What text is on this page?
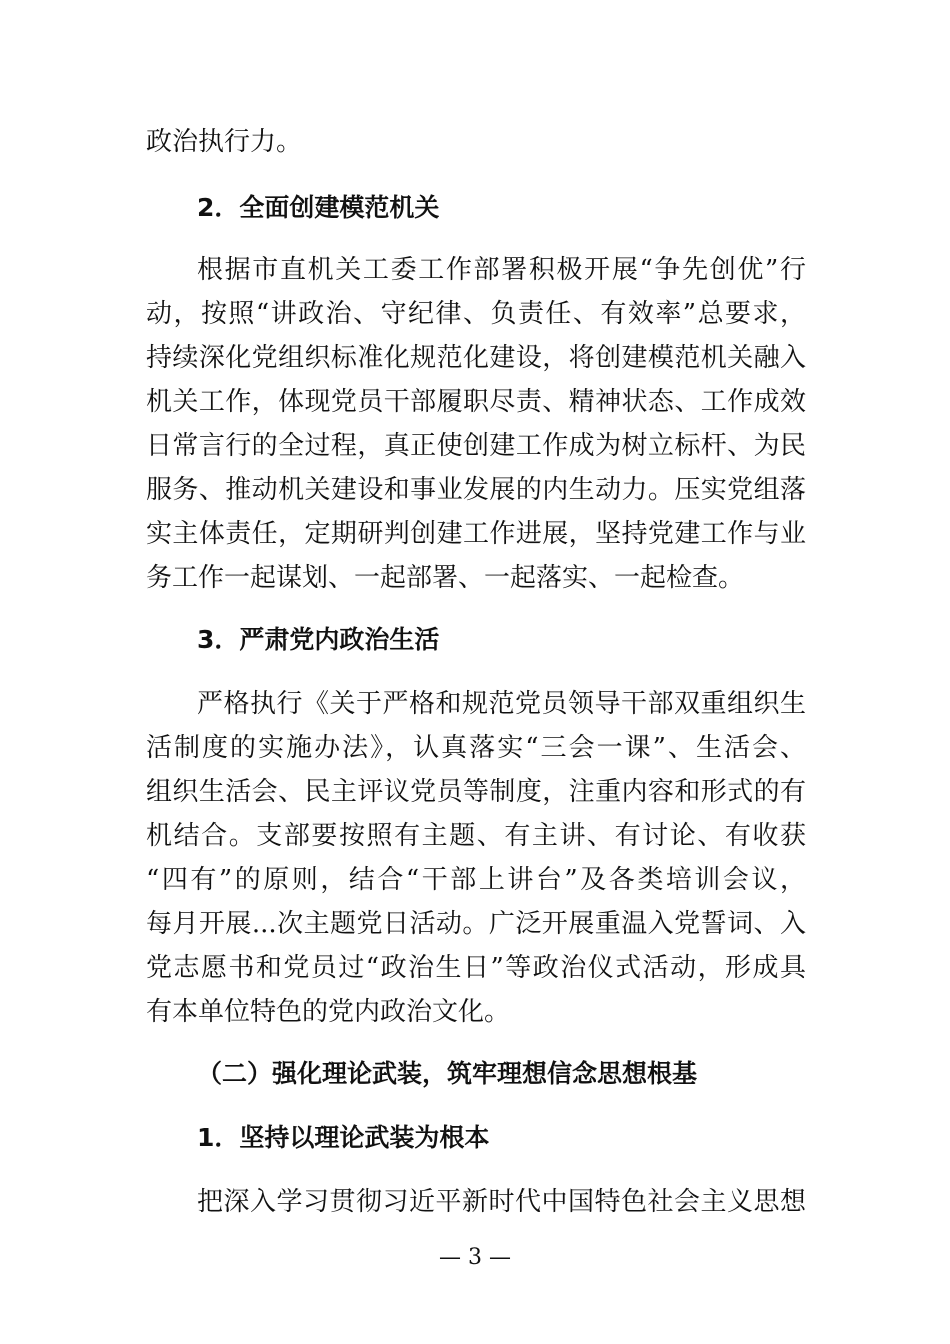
政治执行力。
2．全面创建模范机关
根据市直机关工委工作部署积极开展“争先创优”行
动，按照“讲政治、守纪律、负责任、有效率”总要求，
持续深化党组织标准化规范化建设，将创建模范机关融入
机关工作，体现党员干部履职尽责、精神状态、工作成效
日常言行的全过程，真正使创建工作成为树立标杆、为民
服务、推动机关建设和事业发展的内生动力。压实党组落
实主体责任，定期研判创建工作进展，坚持党建工作与业
务工作一起谋划、一起部署、一起落实、一起检查。
3．严肃党内政治生活
严格执行《关于严格和规范党员领导干部双重组织生
活制度的实施办法》，认真落实“三会一课”、生活会、
组织生活会、民主评议党员等制度，注重内容和形式的有
机结合。支部要按照有主题、有主讲、有讨论、有收获
“四有”的原则，结合“干部上讲台”及各类培训会议，
每月开展...次主题党日活动。广泛开展重温入党誓词、入
党志愿书和党员过“政治生日”等政治仪式活动，形成具
有本单位特色的党内政治文化。
（二）强化理论武装，筑牢理想信念思想根基
1．坚持以理论武装为根本
把深入学习贯彻习近平新时代中国特色社会主义思想
— 3 —
